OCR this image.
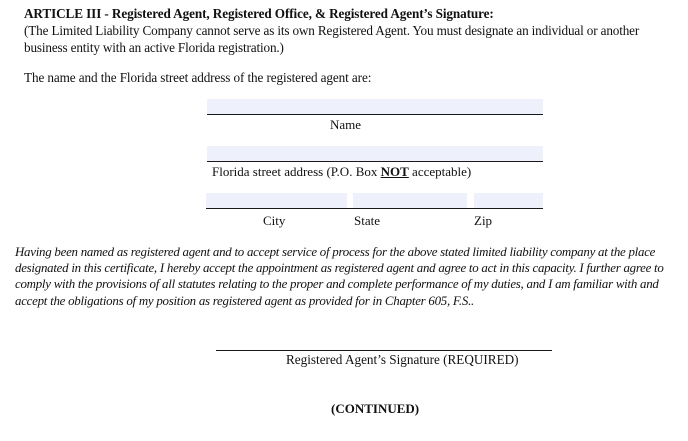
ARTICLE III - Registered Agent, Registered Office, & Registered Agent’s Signature:
(The Limited Liability Company cannot serve as its own Registered Agent. You must designate an individual or another business entity with an active Florida registration.)
The name and the Florida street address of the registered agent are:
Name
Florida street address (P.O. Box NOT acceptable)
City	State	Zip
Having been named as registered agent and to accept service of process for the above stated limited liability company at the place designated in this certificate, I hereby accept the appointment as registered agent and agree to act in this capacity. I further agree to comply with the provisions of all statutes relating to the proper and complete performance of my duties, and I am familiar with and accept the obligations of my position as registered agent as provided for in Chapter 605, F.S..
Registered Agent’s Signature (REQUIRED)
(CONTINUED)
